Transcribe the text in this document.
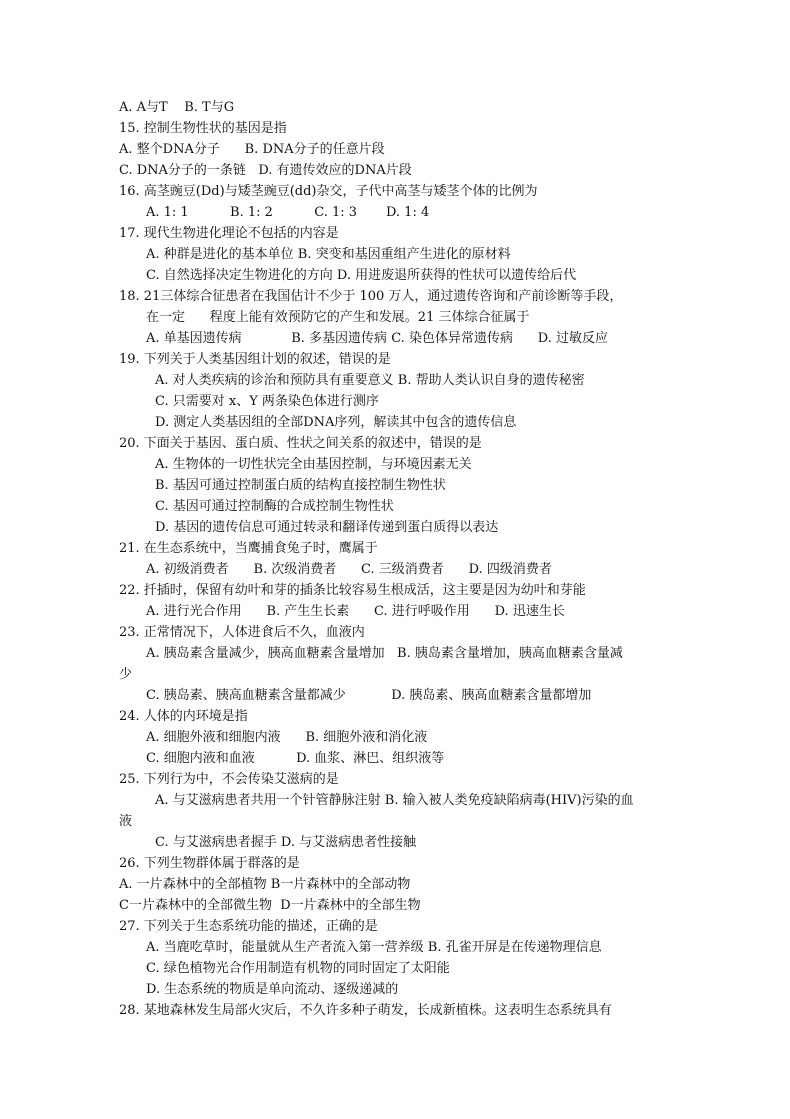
A. A与T    B. T与G
15. 控制生物性状的基因是指
A. 整个DNA分子      B. DNA分子的任意片段
C. DNA分子的一条链   D. 有遗传效应的DNA片段
16. 高茎豌豆(Dd)与矮茎豌豆(dd)杂交，子代中高茎与矮茎个体的比例为
A. 1: 1          B. 1: 2          C. 1: 3       D. 1: 4
17. 现代生物进化理论不包括的内容是
A. 种群是进化的基本单位 B. 突变和基因重组产生进化的原材料
C. 自然选择决定生物进化的方向 D. 用进废退所获得的性状可以遗传给后代
18. 21三体综合征患者在我国估计不少于 100 万人，通过遗传咨询和产前诊断等手段，
在一定      程度上能有效预防它的产生和发展。21 三体综合征属于
A. 单基因遗传病            B. 多基因遗传病 C. 染色体异常遗传病      D. 过敏反应
19. 下列关于人类基因组计划的叙述，错误的是
A. 对人类疾病的诊治和预防具有重要意义 B. 帮助人类认识自身的遗传秘密
C. 只需要对 x、Y 两条染色体进行测序
D. 测定人类基因组的全部DNA序列，解读其中包含的遗传信息
20. 下面关于基因、蛋白质、性状之间关系的叙述中，错误的是
A. 生物体的一切性状完全由基因控制，与环境因素无关
B. 基因可通过控制蛋白质的结构直接控制生物性状
C. 基因可通过控制酶的合成控制生物性状
D. 基因的遗传信息可通过转录和翻译传递到蛋白质得以表达
21. 在生态系统中，当鹰捕食兔子时，鹰属于
A. 初级消费者      B. 次级消费者      C. 三级消费者      D. 四级消费者
22. 扦插时，保留有幼叶和芽的插条比较容易生根成活，这主要是因为幼叶和芽能
A. 进行光合作用      B. 产生生长素      C. 进行呼吸作用      D. 迅速生长
23. 正常情况下，人体进食后不久，血液内
A. 胰岛素含量减少，胰高血糖素含量增加   B. 胰岛素含量增加，胰高血糖素含量减
少
C. 胰岛素、胰高血糖素含量都减少           D. 胰岛素、胰高血糖素含量都增加
24. 人体的内环境是指
A. 细胞外液和细胞内液      B. 细胞外液和消化液
C. 细胞内液和血液          D. 血浆、淋巴、组织液等
25. 下列行为中，不会传染艾滋病的是
A. 与艾滋病患者共用一个针管静脉注射 B. 输入被人类免疫缺陷病毒(HIV)污染的血
液
C. 与艾滋病患者握手 D. 与艾滋病患者性接触
26. 下列生物群体属于群落的是
A. 一片森林中的全部植物 B一片森林中的全部动物
C一片森林中的全部微生物  D一片森林中的全部生物
27. 下列关于生态系统功能的描述，正确的是
A. 当鹿吃草时，能量就从生产者流入第一营养级 B. 孔雀开屏是在传递物理信息
C. 绿色植物光合作用制造有机物的同时固定了太阳能
D. 生态系统的物质是单向流动、逐级递减的
28. 某地森林发生局部火灾后，不久许多种子萌发，长成新植株。这表明生态系统具有
